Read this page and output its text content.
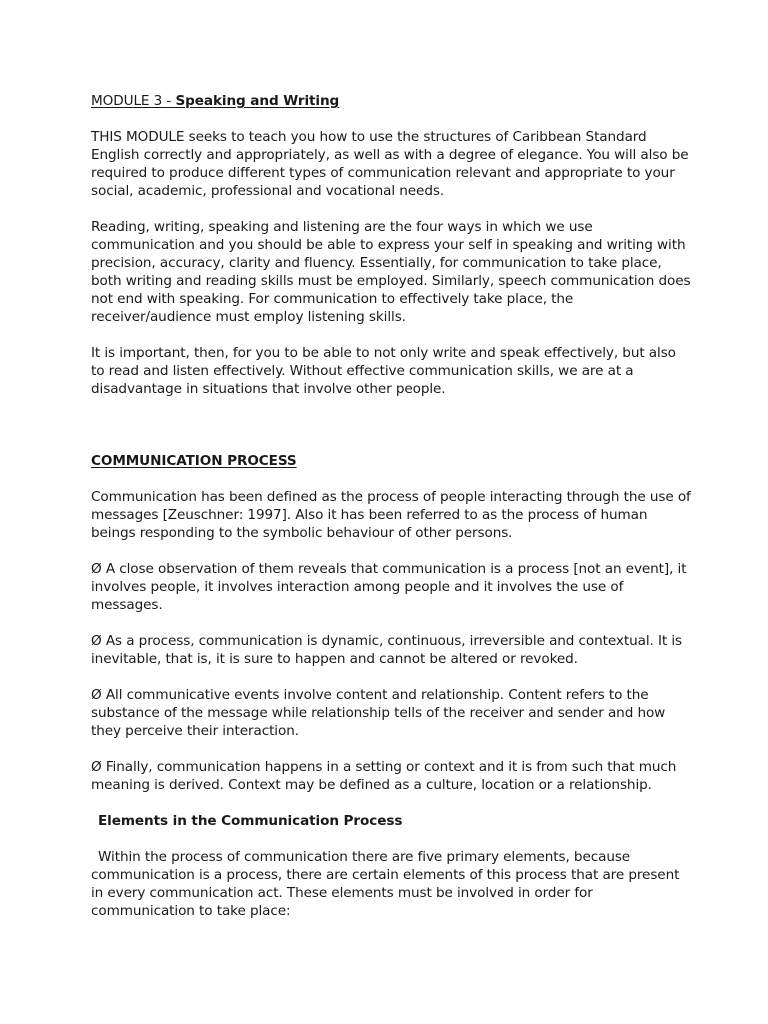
MODULE 3 - Speaking and Writing

THIS MODULE seeks to teach you how to use the structures of Caribbean Standard English correctly and appropriately, as well as with a degree of elegance. You will also be required to produce different types of communication relevant and appropriate to your social, academic, professional and vocational needs.

Reading, writing, speaking and listening are the four ways in which we use communication and you should be able to express your self in speaking and writing with precision, accuracy, clarity and fluency. Essentially, for communication to take place, both writing and reading skills must be employed. Similarly, speech communication does not end with speaking. For communication to effectively take place, the receiver/audience must employ listening skills.

It is important, then, for you to be able to not only write and speak effectively, but also to read and listen effectively. Without effective communication skills, we are at a disadvantage in situations that involve other people.

COMMUNICATION PROCESS

Communication has been defined as the process of people interacting through the use of messages [Zeuschner: 1997]. Also it has been referred to as the process of human beings responding to the symbolic behaviour of other persons.

Ø A close observation of them reveals that communication is a process [not an event], it involves people, it involves interaction among people and it involves the use of messages.

Ø As a process, communication is dynamic, continuous, irreversible and contextual. It is inevitable, that is, it is sure to happen and cannot be altered or revoked.

Ø All communicative events involve content and relationship. Content refers to the substance of the message while relationship tells of the receiver and sender and how they perceive their interaction.

Ø Finally, communication happens in a setting or context and it is from such that much meaning is derived. Context may be defined as a culture, location or a relationship.

Elements in the Communication Process

Within the process of communication there are five primary elements, because communication is a process, there are certain elements of this process that are present in every communication act. These elements must be involved in order for communication to take place:
